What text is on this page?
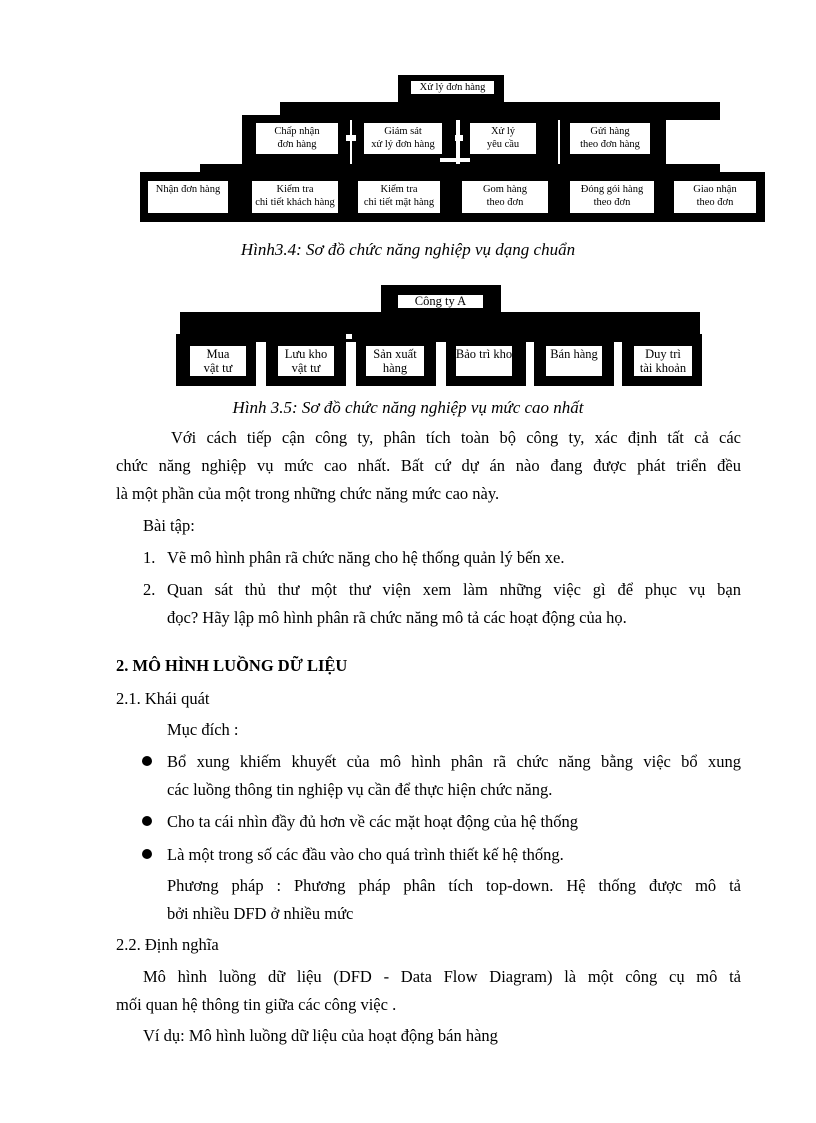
Xử lý đơn hàng
Chấp nhận
đơn hàng
Giám sát
xử lý đơn hàng
Xử lý
yêu cầu
Gửi hàng
theo đơn hàng
Nhận đơn hàng	Kiểm tra
chi tiết khách hàng
Kiểm tra
chi tiết mặt hàng
Gom hàng
theo đơn
Đóng gói hàng
theo đơn
Giao nhận
theo đơn
Hình3.4: Sơ đồ chức năng nghiệp vụ dạng chuẩn
Công ty A
Mua
vật tư
Lưu kho
vật tư
Sản xuất
hàng
Bảo trì kho	Bán hàng	Duy trì
tài khoản
Hình 3.5: Sơ đồ chức năng nghiệp vụ mức cao nhất
Với cách tiếp cận công ty, phân tích toàn bộ công ty, xác định tất cả các
chức năng nghiệp vụ mức cao nhất. Bất cứ dự án nào đang được phát triển đều
là một phần của một trong những chức năng mức cao này.
Bài tập:
1. Vẽ mô hình phân rã chức năng cho hệ thống quản lý bến xe.
2. Quan sát thủ thư một thư viện xem làm những việc gì để phục vụ bạn
đọc? Hãy lập mô hình phân rã chức năng mô tả các hoạt động của họ.
2. MÔ HÌNH LUỒNG DỮ LIỆU
2.1. Khái quát
Mục đích :
Bổ xung khiếm khuyết của mô hình phân rã chức năng bằng việc bổ xung
các luồng thông tin nghiệp vụ cần để thực hiện chức năng.
Cho ta cái nhìn đầy đủ hơn về các mặt hoạt động của hệ thống
Là một trong số các đầu vào cho quá trình thiết kế hệ thống.
Phương pháp : Phương pháp phân tích top-down. Hệ thống được mô tả
bởi nhiều DFD ở nhiều mức
2.2. Định nghĩa
Mô hình luồng dữ liệu (DFD - Data Flow Diagram) là một công cụ mô tả
mối quan hệ thông tin giữa các công việc .
Ví dụ: Mô hình luồng dữ liệu của hoạt động bán hàng
